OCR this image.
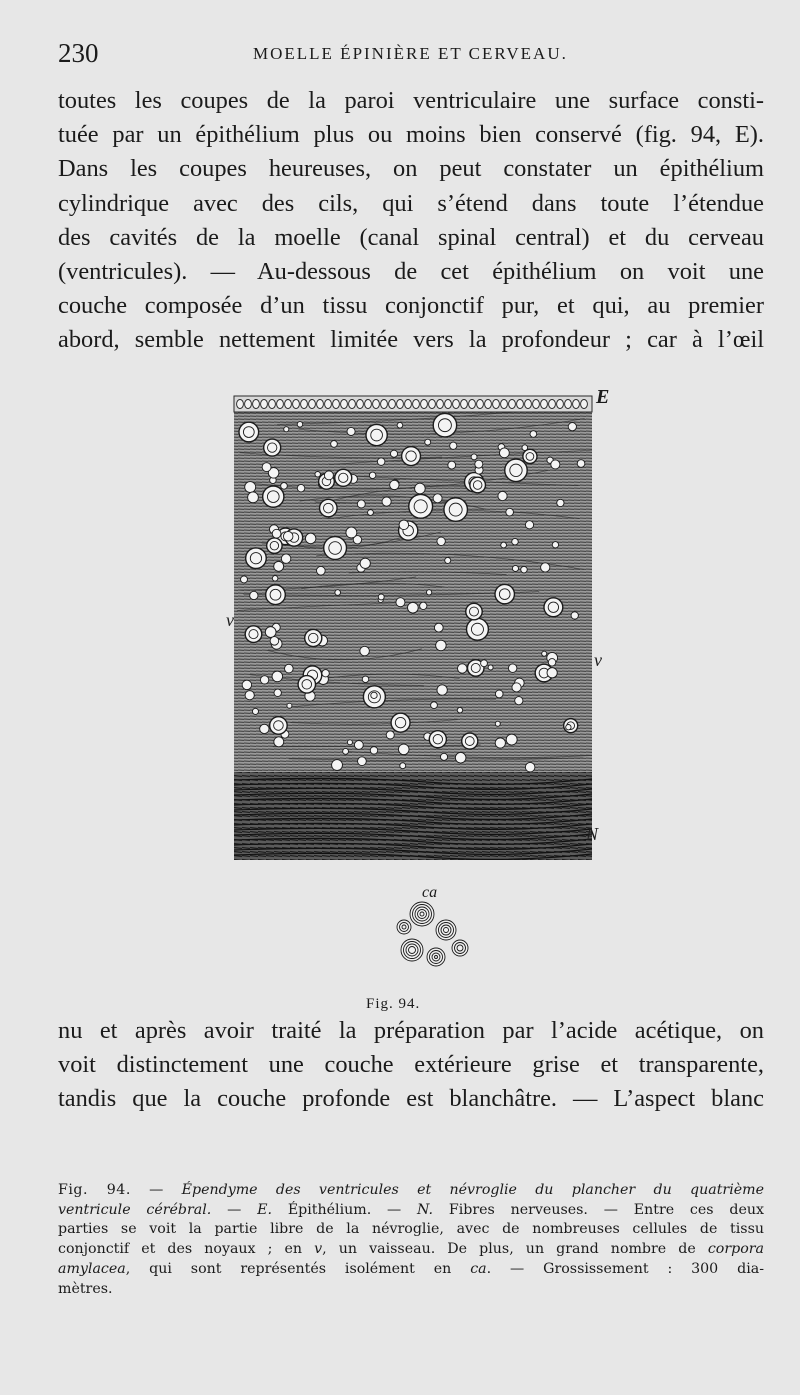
230	MOELLE ÉPINIÈRE ET CERVEAU.
toutes les coupes de la paroi ventriculaire une surface consti-
tuée par un épithélium plus ou moins bien conservé (fig. 94, E).
Dans les coupes heureuses, on peut constater un épithélium
cylindrique avec des cils, qui s’étend dans toute l’étendue
des cavités de la moelle (canal spinal central) et du cerveau
(ventricules). — Au-dessous de cet épithélium on voit une
couche composée d’un tissu conjonctif pur, et qui, au premier
abord, semble nettement limitée vers la profondeur ; car à l’œil
E
v
v
N
ca
Fig. 94.
nu et après avoir traité la préparation par l’acide acétique, on
voit distinctement une couche extérieure grise et transparente,
tandis que la couche profonde est blanchâtre. — L’aspect blanc
Fig. 94. — Épendyme des ventricules et névroglie du plancher du quatrième
ventricule cérébral. — E. Épithélium. — N. Fibres nerveuses. — Entre ces deux
parties se voit la partie libre de la névroglie, avec de nombreuses cellules de tissu
conjonctif et des noyaux ; en v, un vaisseau. De plus, un grand nombre de corpora
amylacea, qui sont représentés isolément en ca. — Grossissement : 300 dia-
mètres.
